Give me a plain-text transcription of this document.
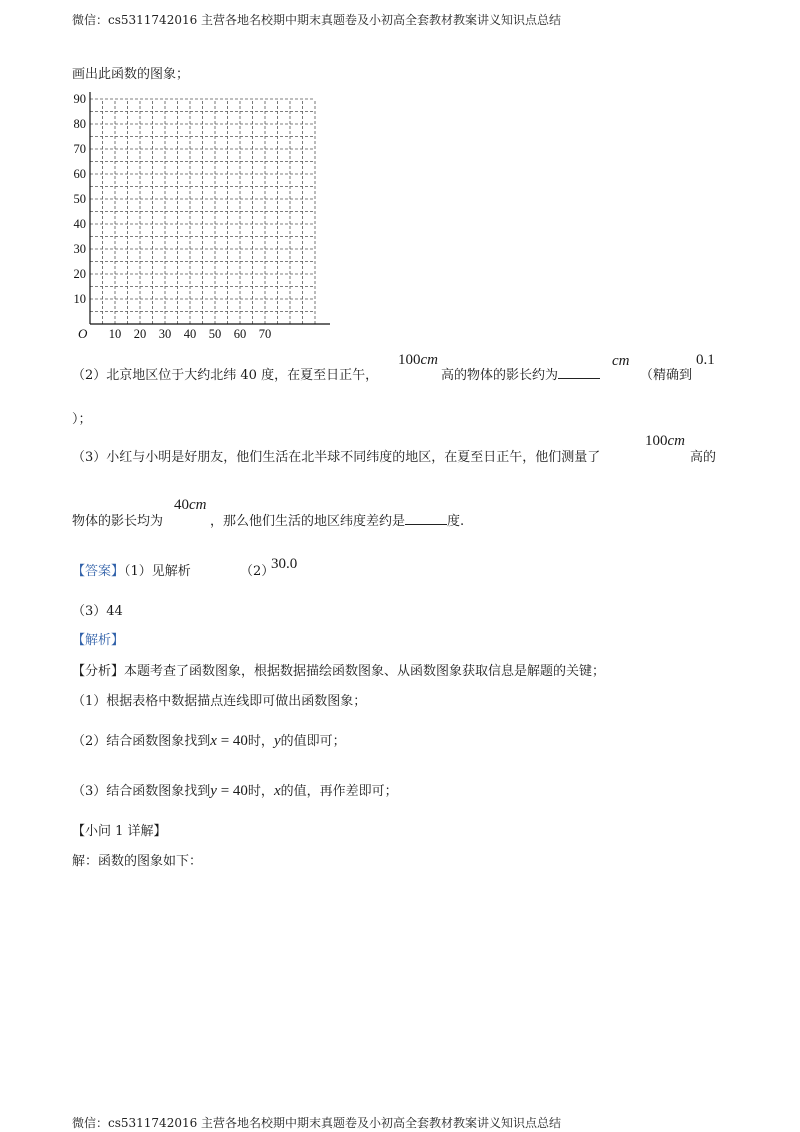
微信：cs5311742016 主营各地名校期中期末真题卷及小初高全套教材教案讲义知识点总结
画出此函数的图象；
10 20 30 40 50 60 70
10
20
30
40
50
60
70
80
90
O
（2）北京地区位于大约北纬 40 度，在夏至日正午，
100cm
高的物体的影长约为
cm
（精确到
0.1
）；
（3）小红与小明是好朋友，他们生活在北半球不同纬度的地区，在夏至日正午，他们测量了
100cm
高的
物体的影长均为
40cm
，那么他们生活的地区纬度差约是	度.
【答案】（1）见解析	（2）
30.0
（3）44
【解析】
【分析】本题考查了函数图象，根据数据描绘函数图象、从函数图象获取信息是解题的关键；
（1）根据表格中数据描点连线即可做出函数图象；
（2）结合函数图象找到x = 40时，y的值即可；
（3）结合函数图象找到y = 40时，x的值，再作差即可；
【小问 1 详解】
解：函数的图象如下：
微信：cs5311742016 主营各地名校期中期末真题卷及小初高全套教材教案讲义知识点总结
